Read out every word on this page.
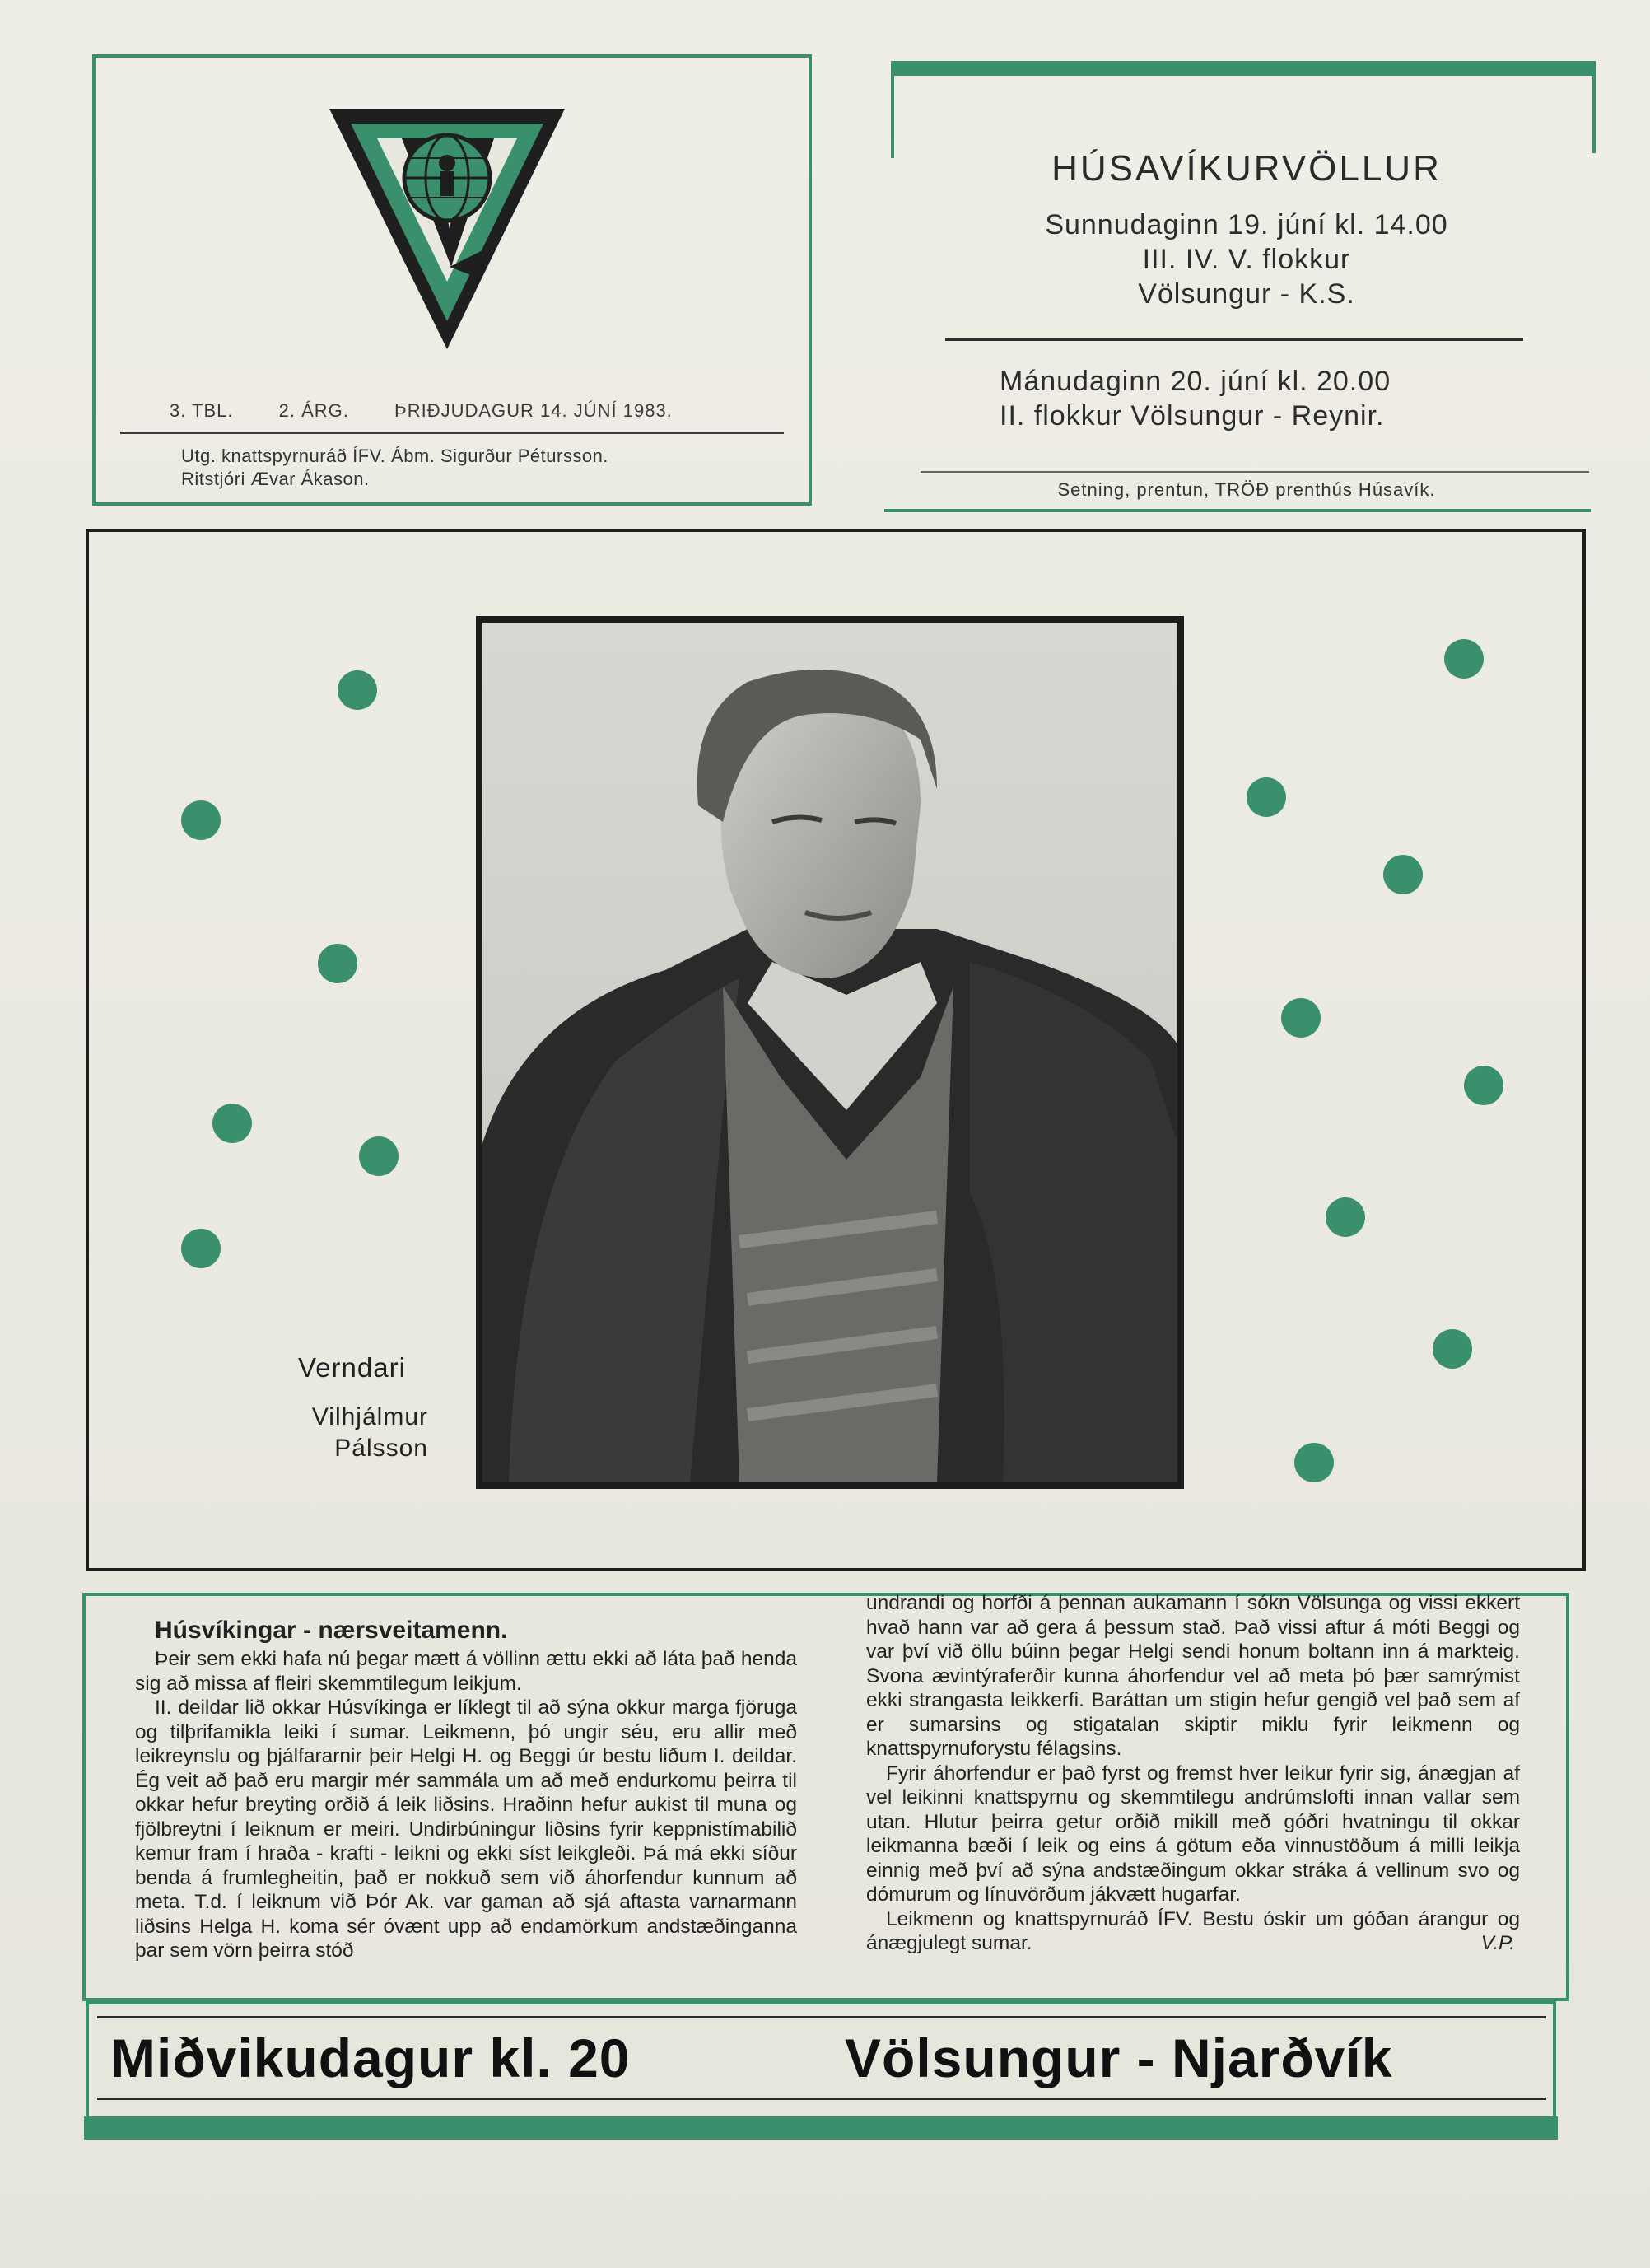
3. TBL.	2. ÁRG.	ÞRIÐJUDAGUR 14. JÚNÍ 1983.
Utg. knattspyrnuráð ÍFV. Ábm. Sigurður Pétursson.
Ritstjóri Ævar Ákason.
HÚSAVÍKURVÖLLUR
Sunnudaginn 19. júní kl. 14.00
III. IV. V. flokkur
Völsungur - K.S.
Mánudaginn 20. júní kl. 20.00
II. flokkur Völsungur - Reynir.
Setning, prentun, TRÖÐ prenthús Húsavík.
Verndari
Vilhjálmur
Pálsson

Húsvíkingar - nærsveitamenn.

Þeir sem ekki hafa nú þegar mætt á völlinn ættu ekki að láta það henda sig að missa af fleiri skemmtilegum leikjum.

II. deildar lið okkar Húsvíkinga er líklegt til að sýna okkur marga fjöruga og tilþrifamikla leiki í sumar. Leikmenn, þó ungir séu, eru allir með leikreynslu og þjálfararnir þeir Helgi H. og Beggi úr bestu liðum I. deildar. Ég veit að það eru margir mér sammála um að með endurkomu þeirra til okkar hefur breyting orðið á leik liðsins. Hraðinn hefur aukist til muna og fjölbreytni í leiknum er meiri. Undirbúningur liðsins fyrir keppnistímabilið kemur fram í hraða - krafti - leikni og ekki síst leikgleði. Þá má ekki síður benda á frumlegheitin, það er nokkuð sem við áhorfendur kunnum að meta. T.d. í leiknum við Þór Ak. var gaman að sjá aftasta varnarmann liðsins Helga H. koma sér óvænt upp að endamörkum andstæðinganna þar sem vörn þeirra stóð

undrandi og horfði á þennan aukamann í sókn Völsunga og vissi ekkert hvað hann var að gera á þessum stað. Það vissi aftur á móti Beggi og var því við öllu búinn þegar Helgi sendi honum boltann inn á markteig. Svona ævintýraferðir kunna áhorfendur vel að meta þó þær samrýmist ekki strangasta leikkerfi. Baráttan um stigin hefur gengið vel það sem af er sumarsins og stigatalan skiptir miklu fyrir leikmenn og knattspyrnuforystu félagsins.

Fyrir áhorfendur er það fyrst og fremst hver leikur fyrir sig, ánægjan af vel leikinni knattspyrnu og skemmtilegu andrúmslofti innan vallar sem utan. Hlutur þeirra getur orðið mikill með góðri hvatningu til okkar leikmanna bæði í leik og eins á götum eða vinnustöðum á milli leikja einnig með því að sýna andstæðingum okkar stráka á vellinum svo og dómurum og línuvörðum jákvætt hugarfar.

Leikmenn og knattspyrnuráð ÍFV. Bestu óskir um góðan árangur og ánægjulegt sumar.	V.P.

Miðvikudagur kl. 20	Völsungur - Njarðvík
